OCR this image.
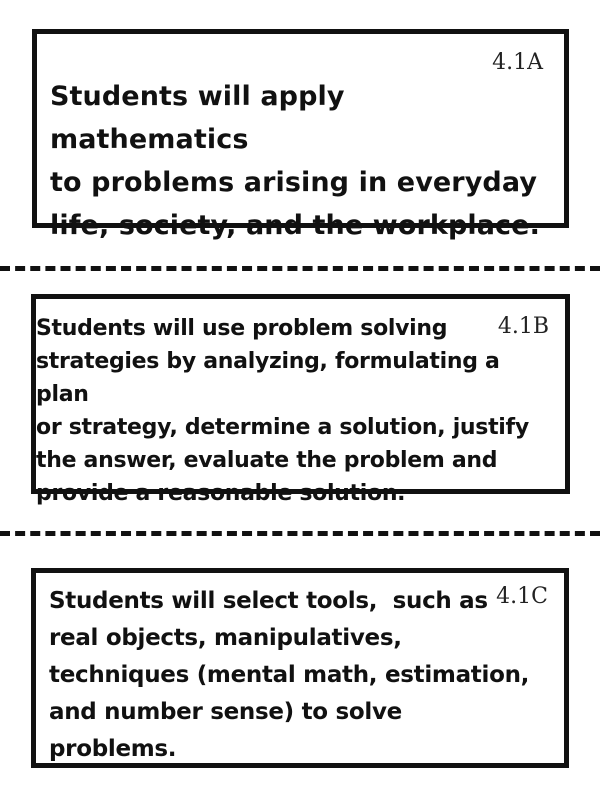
4.1A
Students will apply mathematics
to problems arising in everyday
life, society, and the workplace.
4.1B
Students will use problem solving
strategies by analyzing, formulating a plan
or strategy, determine a solution, justify
the answer, evaluate the problem and
provide a reasonable solution.
4.1C
Students will select tools,  such as
real objects, manipulatives,
techniques (mental math, estimation,
and number sense) to solve
problems.
